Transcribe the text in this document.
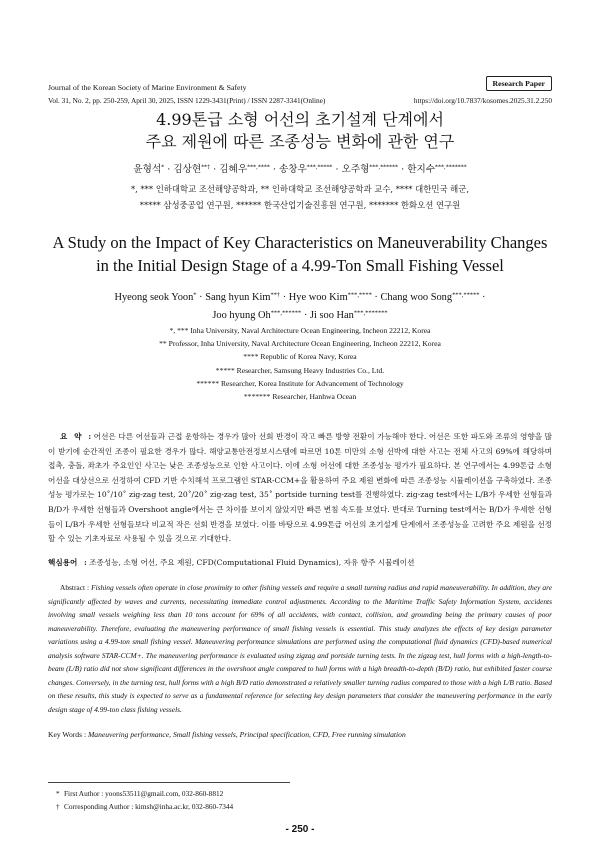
Journal of the Korean Society of Marine Environment & Safety	Research Paper
Vol. 31, No. 2, pp. 250-259, April 30, 2025, ISSN 1229-3431(Print) / ISSN 2287-3341(Online)	https://doi.org/10.7837/kosomes.2025.31.2.250
4.99톤급 소형 어선의 초기설계 단계에서
주요 제원에 따른 조종성능 변화에 관한 연구
윤형석* · 김상현**† · 김혜우***,**** · 송창우***,***** · 오주형***,****** · 한지수***,*******
*, *** 인하대학교 조선해양공학과, ** 인하대학교 조선해양공학과 교수, **** 대한민국 해군,
***** 삼성중공업 연구원, ****** 한국산업기술진흥원 연구원, ******* 한화오션 연구원
A Study on the Impact of Key Characteristics on Maneuverability Changes
in the Initial Design Stage of a 4.99-Ton Small Fishing Vessel
Hyeong seok Yoon* · Sang hyun Kim**† · Hye woo Kim***,**** · Chang woo Song***,***** ·
Joo hyung Oh***,****** · Ji soo Han***,*******
*, *** Inha University, Naval Architecture Ocean Engineering, Incheon 22212, Korea
** Professor, Inha University, Naval Architecture Ocean Engineering, Incheon 22212, Korea
**** Republic of Korea Navy, Korea
***** Researcher, Samsung Heavy Industries Co., Ltd.
****** Researcher, Korea Institute for Advancement of Technology
******* Researcher, Hanhwa Ocean

요 약 : 어선은 다른 어선들과 근접 운항하는 경우가 많아 선회 반경이 작고 빠른 방향 전환이 가능해야 한다. 어선은 또한 파도와 조류의 영향을 많이 받기에 순간적인 조종이 필요한 경우가 많다. 해양교통안전정보시스템에 따르면 10톤 미만의 소형 선박에 대한 사고는 전체 사고의 69%에 해당하며 접촉, 충돌, 좌초가 주요인인 사고는 낮은 조종성능으로 인한 사고이다. 이에 소형 어선에 대한 조종성능 평가가 필요하다. 본 연구에서는 4.99톤급 소형 어선을 대상선으로 선정하여 CFD 기반 수치해석 프로그램인 STAR-CCM+을 활용하여 주요 제원 변화에 따른 조종성능 시뮬레이션을 구축하였다. 조종 성능 평가로는 10˚/10˚ zig-zag test, 20˚/20˚ zig-zag test, 35˚ portside turning test를 진행하였다. zig-zag test에서는 L/B가 우세한 선형들과 B/D가 우세한 선형들과 Overshoot angle에서는 큰 차이를 보이지 않았지만 빠른 변침 속도를 보였다. 반대로 Turning test에서는 B/D가 우세한 선형들이 L/B가 우세한 선형들보다 비교적 작은 선회 반경을 보였다. 이를 바탕으로 4.99톤급 어선의 초기설계 단계에서 조종성능을 고려한 주요 제원을 선정할 수 있는 기초자료로 사용될 수 있을 것으로 기대한다.

핵심용어 : 조종성능, 소형 어선, 주요 제원, CFD(Computational Fluid Dynamics), 자유 항주 시뮬레이션

Abstract : Fishing vessels often operate in close proximity to other fishing vessels and require a small turning radius and rapid maneuverability. In addition, they are significantly affected by waves and currents, necessitating immediate control adjustments. According to the Maritime Traffic Safety Information System, accidents involving small vessels weighing less than 10 tons account for 69% of all accidents, with contact, collision, and grounding being the primary causes of poor maneuverability. Therefore, evaluating the maneuvering performance of small fishing vessels is essential. This study analyzes the effects of key design parameter variations using a 4.99-ton small fishing vessel. Maneuvering performance simulations are performed using the computational fluid dynamics (CFD)-based numerical analysis software STAR-CCM+. The maneuvering performance is evaluated using zigzag and portside turning tests. In the zigzag test, hull forms with a high-length-to-beam (L/B) ratio did not show significant differences in the overshoot angle compared to hull forms with a high breadth-to-depth (B/D) ratio, but exhibited faster course changes. Conversely, in the turning test, hull forms with a high B/D ratio demonstrated a relatively smaller turning radius compared to those with a high L/B ratio. Based on these results, this study is expected to serve as a fundamental reference for selecting key design parameters that consider the maneuvering performance in the early design stage of 4.99-ton class fishing vessels.

Key Words : Maneuvering performance, Small fishing vessels, Principal specification, CFD, Free running simulation

* First Author : yoons53511@gmail.com, 032-860-8812
† Corresponding Author : kimsh@inha.ac.kr, 032-860-7344
- 250 -
